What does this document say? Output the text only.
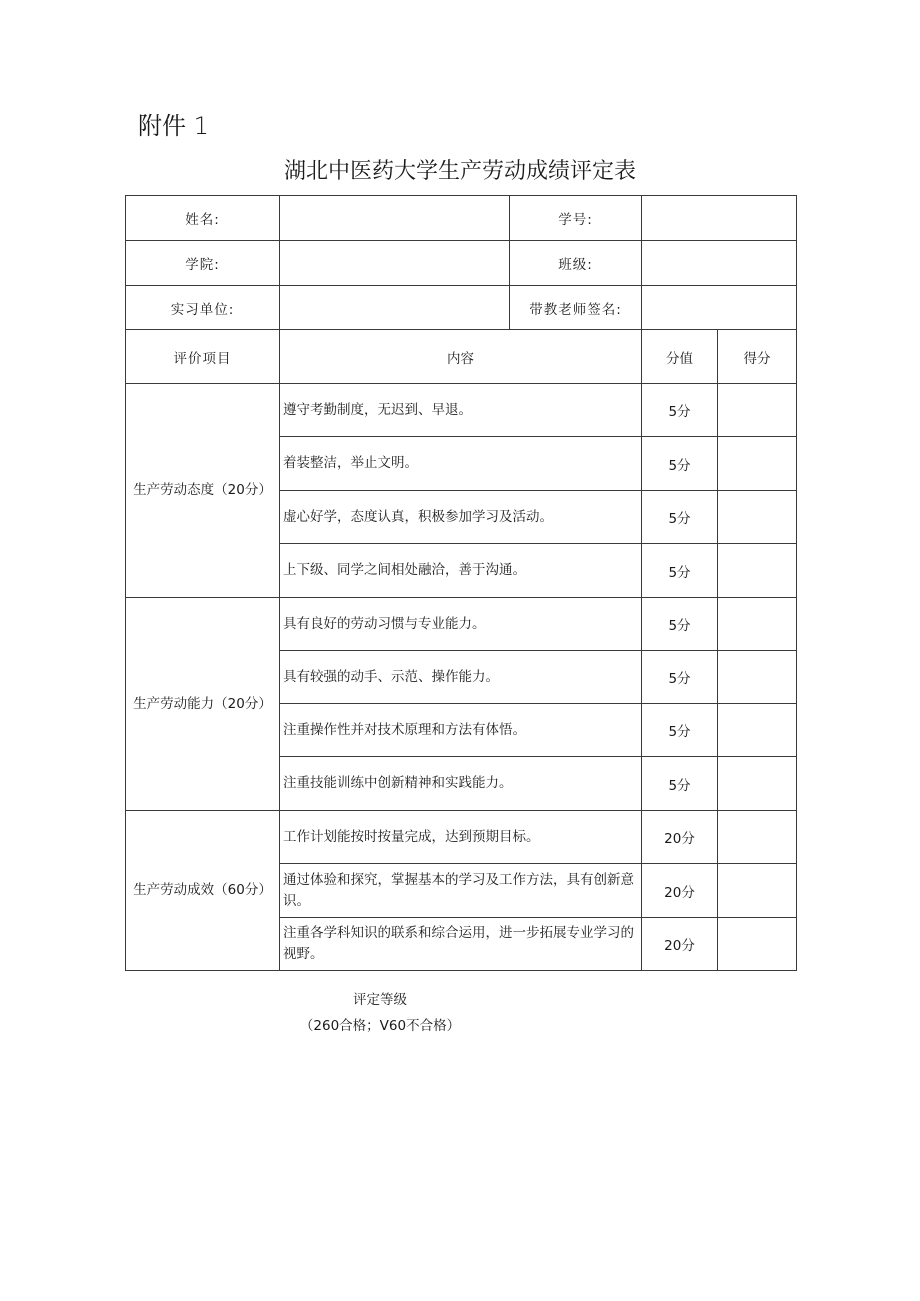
附件 1
湖北中医药大学生产劳动成绩评定表
姓名:		学号:		
学院:		班级:		
实习单位:		带教老师签名:		
评价项目	内容		分值	得分
生产劳动态度（20分）	遵守考勤制度，无迟到、早退。		5分	
	着装整洁，举止文明。		5分	
	虚心好学，态度认真，积极参加学习及活动。		5分	
	上下级、同学之间相处融洽，善于沟通。		5分	
生产劳动能力（20分）	具有良好的劳动习惯与专业能力。		5分	
	具有较强的动手、示范、操作能力。		5分	
	注重操作性并对技术原理和方法有体悟。		5分	
	注重技能训练中创新精神和实践能力。		5分	
生产劳动成效（60分）	工作计划能按时按量完成，达到预期目标。		20分	
	通过体验和探究，掌握基本的学习及工作方法，具有创新意识。		20分	
	注重各学科知识的联系和综合运用，进一步拓展专业学习的视野。		20分	
评定等级
（260合格；V60不合格）
